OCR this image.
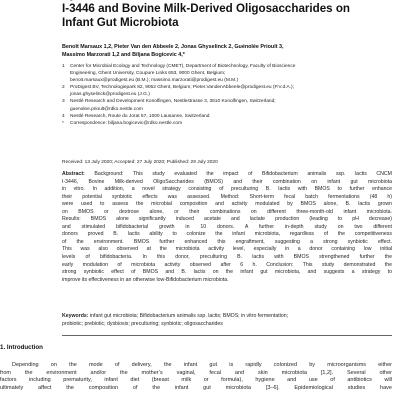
I-3446 and Bovine Milk-Derived Oligosaccharides on
Infant Gut Microbiota
Benoît Marsaux 1,2, Pieter Van den Abbeele 2, Jonas Ghyselinck 2, Guénolée Prioult 3,
Massimo Marzorati 1,2 and Biljana Bogicevic 4,*
1	Center for Microbial Ecology and Technology (CMET), Department of Biotechnology, Faculty of Bioscience
Engineering, Ghent University, Coupure Links 653, 9000 Ghent, Belgium;
benoit.marsaux@prodigest.eu (B.M.); massimo.marzorati@prodigest.eu (M.M.)
2	ProDigest BV, Technologiepark 82, 9052 Ghent, Belgium; Pieter.VandenAbbeele@prodigest.eu (P.V.d.A.);
jonas.ghyselinck@prodigest.eu (J.G.)
3	Nestlé Research and Development Konolfingen, Nestlestrasse 3, 3510 Konolfingen, Switzerland;
guenolee.prioult@rdko.nestle.com
4	Nestlé Research, Route du Jorat 57, 1000 Lausanne, Switzerland
*	Correspondence: biljana.bogicevic@rdko.nestle.com
Received: 13 July 2020; Accepted: 27 July 2020; Published: 29 July 2020
Abstract: Background: This study evaluated the impact of Bifidobacterium animalis ssp. lactis CNCM
I-3446, Bovine Milk-derived OligoSaccharides (BMOS) and their combination on infant gut microbiota
in vitro. In addition, a novel strategy consisting of preculturing B. lactis with BMOS to further enhance
their potential synbiotic effects was assessed. Method: Short-term fecal batch fermentations (48 h)
were used to assess the microbial composition and activity modulated by BMOS alone, B. lactis grown
on BMOS or dextrose alone, or their combinations on different three-month-old infant microbiota.
Results: BMOS alone significantly induced acetate and lactate production (leading to pH decrease)
and stimulated bifidobacterial growth in 10 donors. A further in-depth study on two different
donors proved B. lactis ability to colonize the infant microbiota, regardless of the competitiveness
of the environment. BMOS further enhanced this engraftment, suggesting a strong synbiotic effect.
This was also observed at the microbiota activity level, especially in a donor containing low initial
levels of bifidobacteria. In this donor, preculturing B. lactis with BMOS strengthened further the
early modulation of microbiota activity observed after 6 h. Conclusion: This study demonstrated the
strong synbiotic effect of BMOS and B. lactis on the infant gut microbiota, and suggests a strategy to
improve its effectiveness in an otherwise low-Bifidobacterium microbiota.
Keywords: infant gut microbiota; Bifidobacterium animalis ssp. lactis; BMOS; in vitro fermentation;
probiotic; prebiotic; dysbiosis; preculturing; synbiotic; oligosaccharides
1. Introduction
Depending on the mode of delivery, the infant gut is rapidly colonized by microorganisms either
from the environment and/or the mother’s vaginal, fecal and skin microbiota [1,2]. Several other
factors including prematurity, infant diet (breast milk or formula), hygiene and use of antibiotics will
ultimately affect the composition of the infant gut microbiota [3–6]. Epidemiological studies have
